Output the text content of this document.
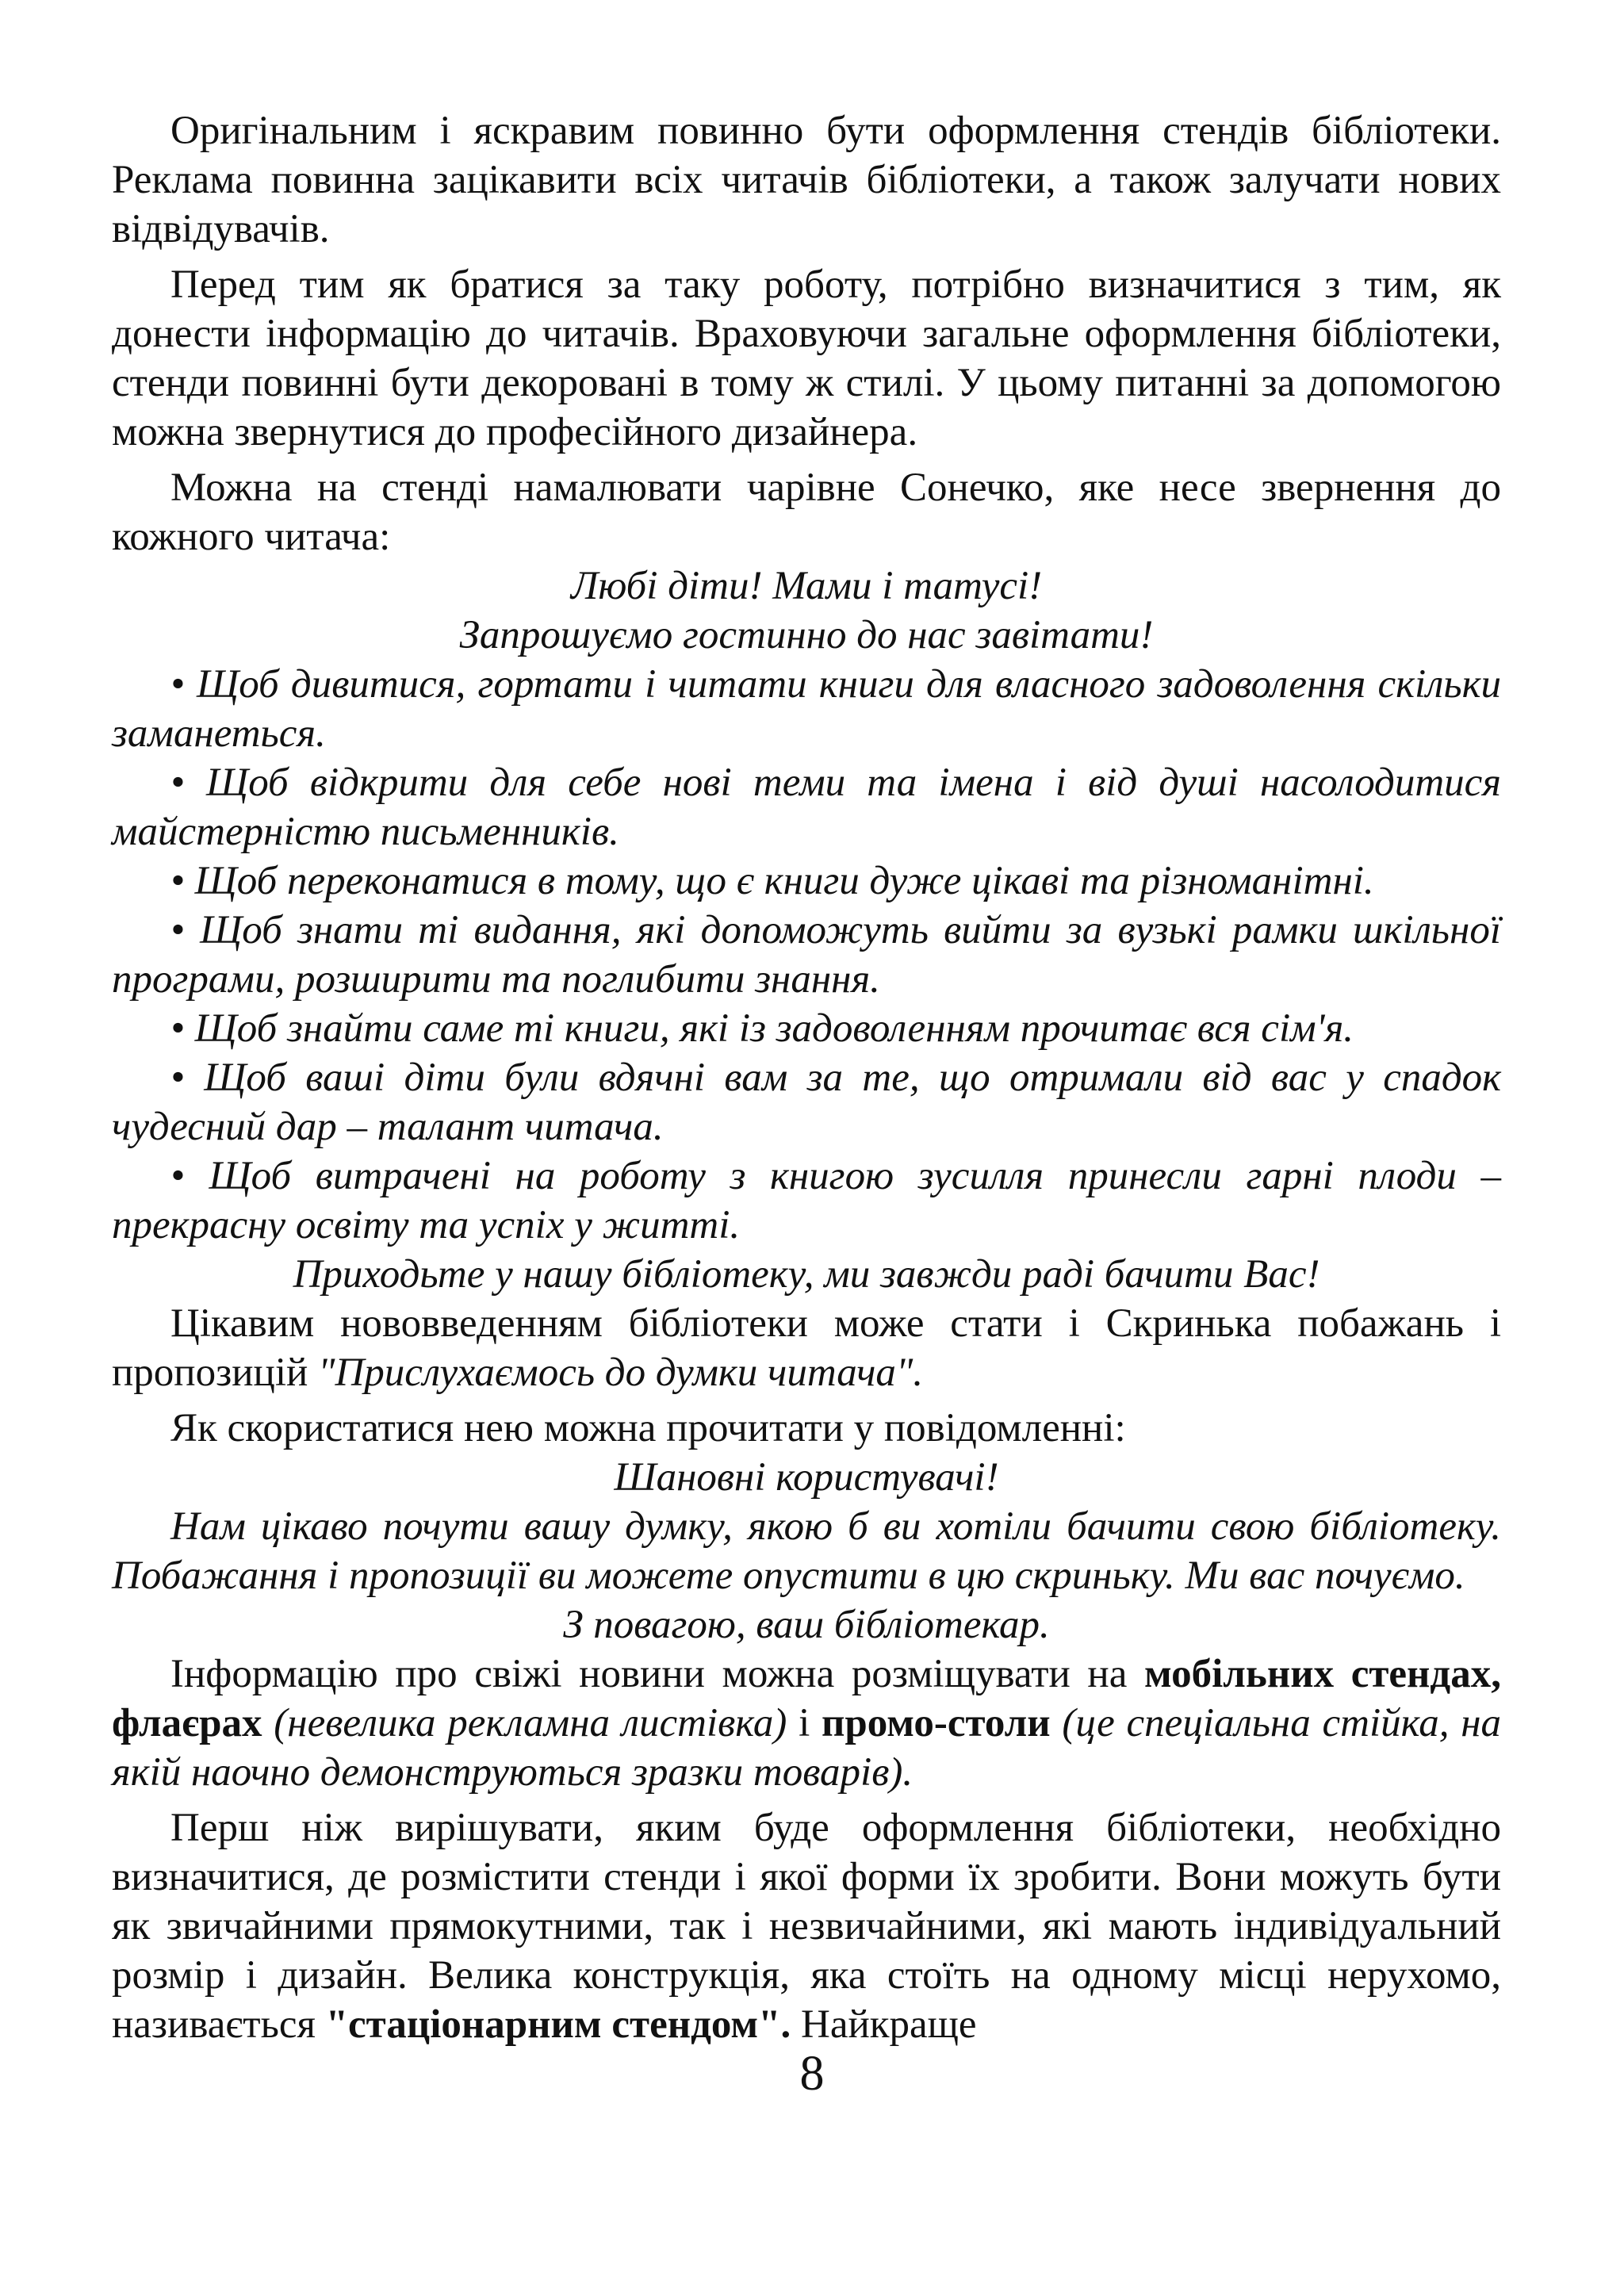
Оригінальним і яскравим повинно бути оформлення стендів бібліотеки. Реклама повинна зацікавити всіх читачів бібліотеки, а також залучати нових відвідувачів.

Перед тим як братися за таку роботу, потрібно визначитися з тим, як донести інформацію до читачів. Враховуючи загальне оформлення бібліотеки, стенди повинні бути декоровані в тому ж стилі. У цьому питанні за допомогою можна звернутися до професійного дизайнера.

Можна на стенді намалювати чарівне Сонечко, яке несе звернення до кожного читача:

Любі діти! Мами і татусі!

Запрошуємо гостинно до нас завітати!

• Щоб дивитися, гортати і читати книги для власного задоволення скільки заманеться.

• Щоб відкрити для себе нові теми та імена і від душі насолодитися майстерністю письменників.

• Щоб переконатися в тому, що є книги дуже цікаві та різноманітні.

• Щоб знати ті видання, які допоможуть вийти за вузькі рамки шкільної програми, розширити та поглибити знання.

• Щоб знайти саме ті книги, які із задоволенням прочитає вся сім'я.

• Щоб ваші діти були вдячні вам за те, що отримали від вас у спадок чудесний дар – талант читача.

• Щоб витрачені на роботу з книгою зусилля принесли гарні плоди – прекрасну освіту та успіх у житті.

Приходьте у нашу бібліотеку, ми завжди раді бачити Вас!

Цікавим нововведенням бібліотеки може стати і Скринька побажань і пропозицій "Прислухаємось до думки читача".

Як скористатися нею можна прочитати у повідомленні:

Шановні користувачі!

Нам цікаво почути вашу думку, якою б ви хотіли бачити свою бібліотеку. Побажання і пропозиції ви можете опустити в цю скриньку. Ми вас почуємо.

З повагою, ваш бібліотекар.

Інформацію про свіжі новини можна розміщувати на мобільних стендах, флаєрах (невелика рекламна листівка) і промо-столи (це спеціальна стійка, на якій наочно демонструються зразки товарів).

Перш ніж вирішувати, яким буде оформлення бібліотеки, необхідно визначитися, де розмістити стенди і якої форми їх зробити. Вони можуть бути як звичайними прямокутними, так і незвичайними, які мають індивідуальний розмір і дизайн. Велика конструкція, яка стоїть на одному місці нерухомо, називається "стаціонарним стендом". Найкраще

8
